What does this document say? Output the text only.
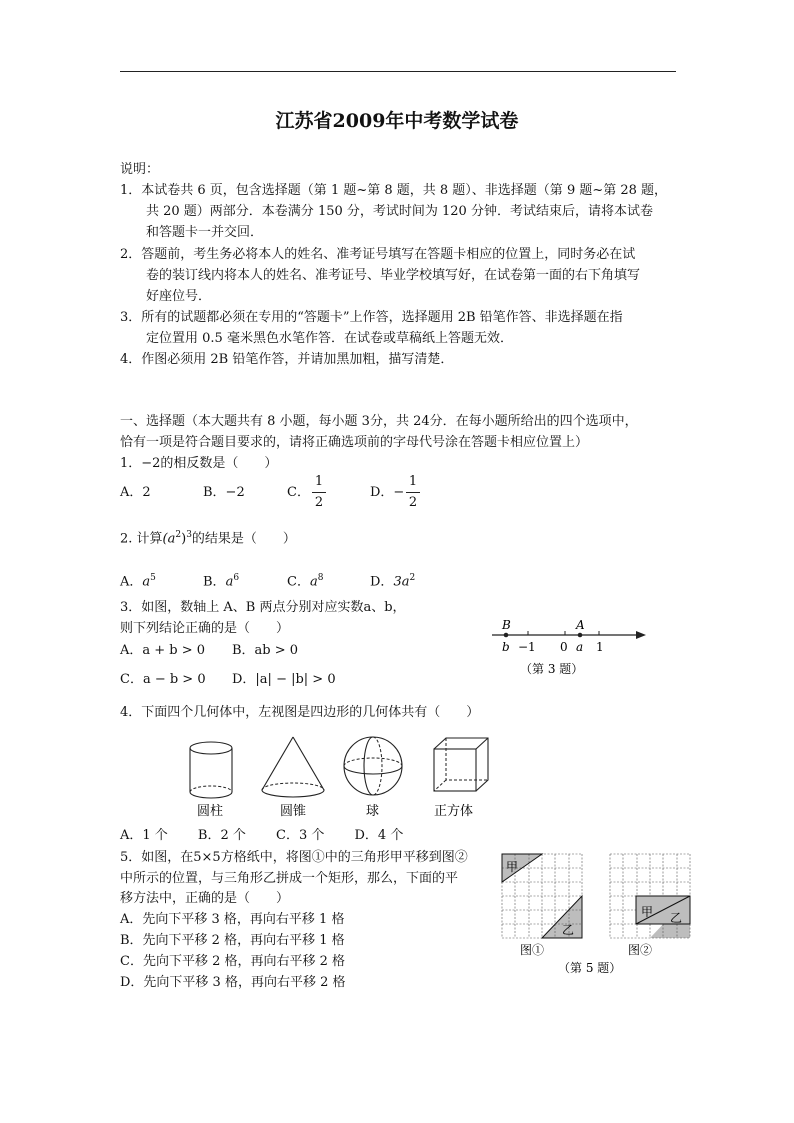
江苏省2009年中考数学试卷
说明：
1．本试卷共 6 页，包含选择题（第 1 题~第 8 题，共 8 题）、非选择题（第 9 题~第 28 题，
共 20 题）两部分．本卷满分 150 分，考试时间为 120 分钟．考试结束后，请将本试卷
和答题卡一并交回．
2．答题前，考生务必将本人的姓名、准考证号填写在答题卡相应的位置上，同时务必在试
卷的装订线内将本人的姓名、准考证号、毕业学校填写好，在试卷第一面的右下角填写
好座位号．
3．所有的试题都必须在专用的“答题卡”上作答，选择题用 2B 铅笔作答、非选择题在指
定位置用 0.5 毫米黑色水笔作答．在试卷或草稿纸上答题无效．
4．作图必须用 2B 铅笔作答，并请加黑加粗，描写清楚．
一、选择题（本大题共有 8 小题，每小题 3分，共 24分．在每小题所给出的四个选项中，
恰有一项是符合题目要求的，请将正确选项前的字母代号涂在答题卡相应位置上）
1．−2的相反数是（　　）
A．2	B．−2	C．
1
2
D．−
1
2
2. 计算$(a^2)^3$的结果是（　　）
A．$a^5$	B．$a^6$	C．$a^8$	D．$3a^2$
3．如图，数轴上 A、B 两点分别对应实数a、b，
则下列结论正确的是（　　）
A．a + b > 0 B．ab > 0
C．a − b > 0 D．|a| − |b| > 0
B	A
b −1 0 a 1
（第 3 题）
4．下面四个几何体中，左视图是四边形的几何体共有（　　）
圆柱	圆锥	球	正方体
A．1 个　　 B．2 个　　 C．3 个　　 D．4 个
5．如图，在5×5方格纸中，将图①中的三角形甲平移到图②
中所示的位置，与三角形乙拼成一个矩形，那么，下面的平
移方法中，正确的是（　　）
A．先向下平移 3 格，再向右平移 1 格
B．先向下平移 2 格，再向右平移 1 格
C．先向下平移 2 格，再向右平移 2 格
D．先向下平移 3 格，再向右平移 2 格
甲
乙
图①
甲 乙
图②
（第 5 题）
